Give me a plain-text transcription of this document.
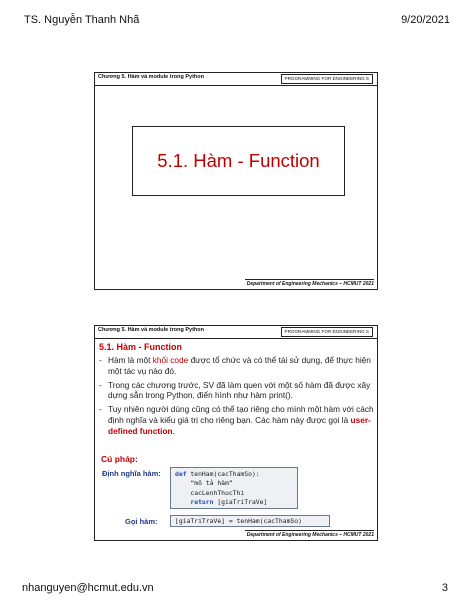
TS. Nguyễn Thanh Nhã	9/20/2021
Chương 5. Hàm và module trong Python	PROGRAMMING FOR ENGINEERING S
5.1. Hàm - Function
Department of Engineering Mechanics – HCMUT 2021
Chương 5. Hàm và module trong Python	PROGRAMMING FOR ENGINEERING S
5.1. Hàm - Function
- Hàm là một khối code được tổ chức và có thể tái sử dụng, để thực hiện một tác vụ nào đó.
- Trong các chương trước, SV đã làm quen với một số hàm đã được xây dựng sẵn trong Python, điển hình như hàm print().
- Tuy nhiên người dùng cũng có thể tạo riêng cho mình một hàm với cách định nghĩa và kiểu giá trị cho riêng bạn. Các hàm này được gọi là user-defined function.
Cú pháp:
Định nghĩa hàm: def tenHam(cacThamSo):
“mô tả hàm”
cacLenhThucThi
return [giaTriTraVe]
Gọi hàm:	[giaTriTraVe] = tenHam(cacThamSo)
Department of Engineering Mechanics – HCMUT 2021
nhanguyen@hcmut.edu.vn	3
